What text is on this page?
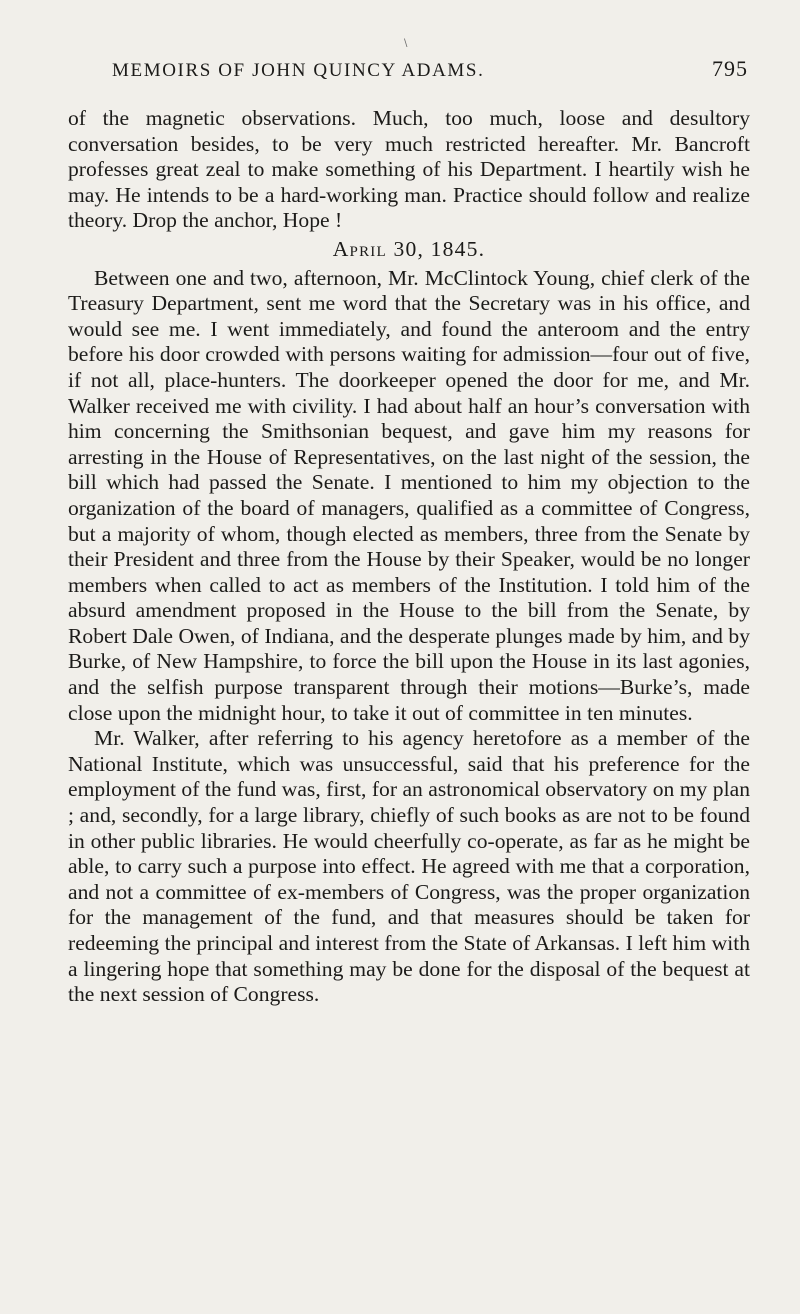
\
MEMOIRS OF JOHN QUINCY ADAMS.	795

of the magnetic observations. Much, too much, loose and desultory conversation besides, to be very much restricted hereafter. Mr. Bancroft professes great zeal to make something of his Department. I heartily wish he may. He intends to be a hard-working man. Practice should follow and realize theory. Drop the anchor, Hope !

April 30, 1845.

Between one and two, afternoon, Mr. McClintock Young, chief clerk of the Treasury Department, sent me word that the Secretary was in his office, and would see me. I went immediately, and found the anteroom and the entry before his door crowded with persons waiting for admission—four out of five, if not all, place-hunters. The doorkeeper opened the door for me, and Mr. Walker received me with civility. I had about half an hour’s conversation with him concerning the Smithsonian bequest, and gave him my reasons for arresting in the House of Representatives, on the last night of the session, the bill which had passed the Senate. I mentioned to him my objection to the organization of the board of managers, qualified as a committee of Congress, but a majority of whom, though elected as members, three from the Senate by their President and three from the House by their Speaker, would be no longer members when called to act as members of the Institution. I told him of the absurd amendment proposed in the House to the bill from the Senate, by Robert Dale Owen, of Indiana, and the desperate plunges made by him, and by Burke, of New Hampshire, to force the bill upon the House in its last agonies, and the selfish purpose transparent through their motions—Burke’s, made close upon the midnight hour, to take it out of committee in ten minutes.

Mr. Walker, after referring to his agency heretofore as a member of the National Institute, which was unsuccessful, said that his preference for the employment of the fund was, first, for an astronomical observatory on my plan ; and, secondly, for a large library, chiefly of such books as are not to be found in other public libraries. He would cheerfully co-operate, as far as he might be able, to carry such a purpose into effect. He agreed with me that a corporation, and not a committee of ex-members of Congress, was the proper organization for the management of the fund, and that measures should be taken for redeeming the principal and interest from the State of Arkansas. I left him with a lingering hope that something may be done for the disposal of the bequest at the next session of Congress.
